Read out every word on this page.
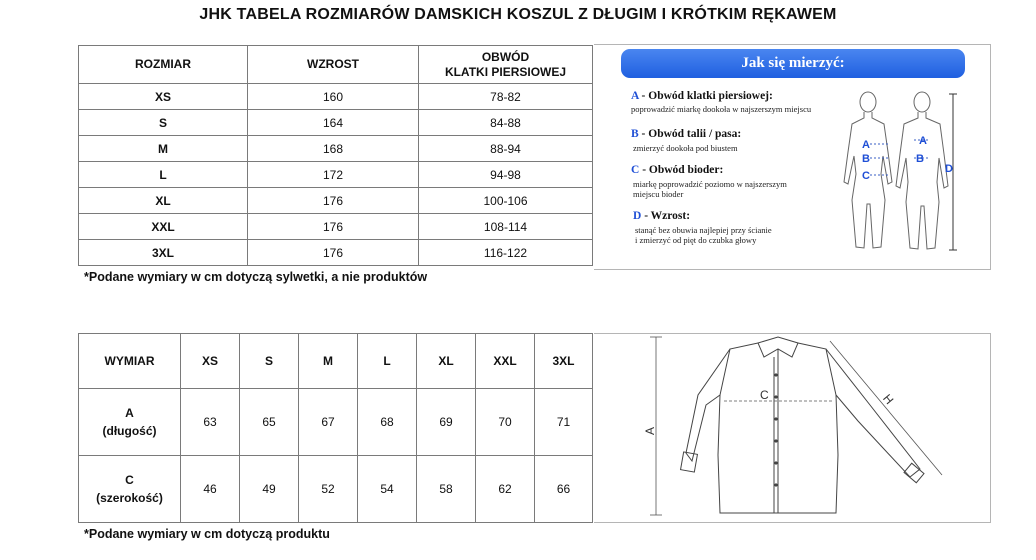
JHK TABELA ROZMIARÓW DAMSKICH KOSZUL Z DŁUGIM I KRÓTKIM RĘKAWEM
ROZMIAR	WZROST	OBWÓD
KLATKI PIERSIOWEJ
XS	160	78-82
S	164	84-88
M	168	88-94
L	172	94-98
XL	176	100-106
XXL	176	108-114
3XL	176	116-122
*Podane wymiary w cm dotyczą sylwetki, a nie produktów
Jak się mierzyć:
A - Obwód klatki piersiowej:
poprowadzić miarkę dookoła w najszerszym miejscu
B - Obwód talii / pasa:
zmierzyć dookoła pod biustem
C - Obwód bioder:
miarkę poprowadzić poziomo w najszerszym
miejscu bioder
D - Wzrost:
stanąć bez obuwia najlepiej przy ścianie
i zmierzyć od pięt do czubka głowy
A
B
C
A
B
D
WYMIAR	XS	S	M	L	XL	XXL	3XL
A
(długość)	63	65	67	68	69	70	71
C
(szerokość)	46	49	52	54	58	62	66
*Podane wymiary w cm dotyczą produktu
A
C	H
